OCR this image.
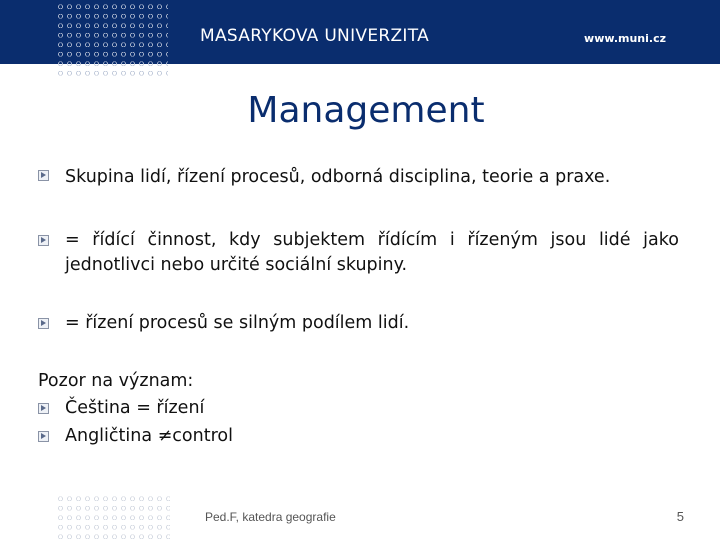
MASARYKOVA UNIVERZITA	www.muni.cz
Management
Skupina lidí, řízení procesů, odborná disciplina, teorie a praxe.
= řídící činnost, kdy subjektem řídícím i řízeným jsou lidé jako jednotlivci nebo určité sociální skupiny.
= řízení procesů se silným podílem lidí.
Pozor na význam:
Čeština = řízení
Angličtina ≠control
Ped.F, katedra geografie	5
